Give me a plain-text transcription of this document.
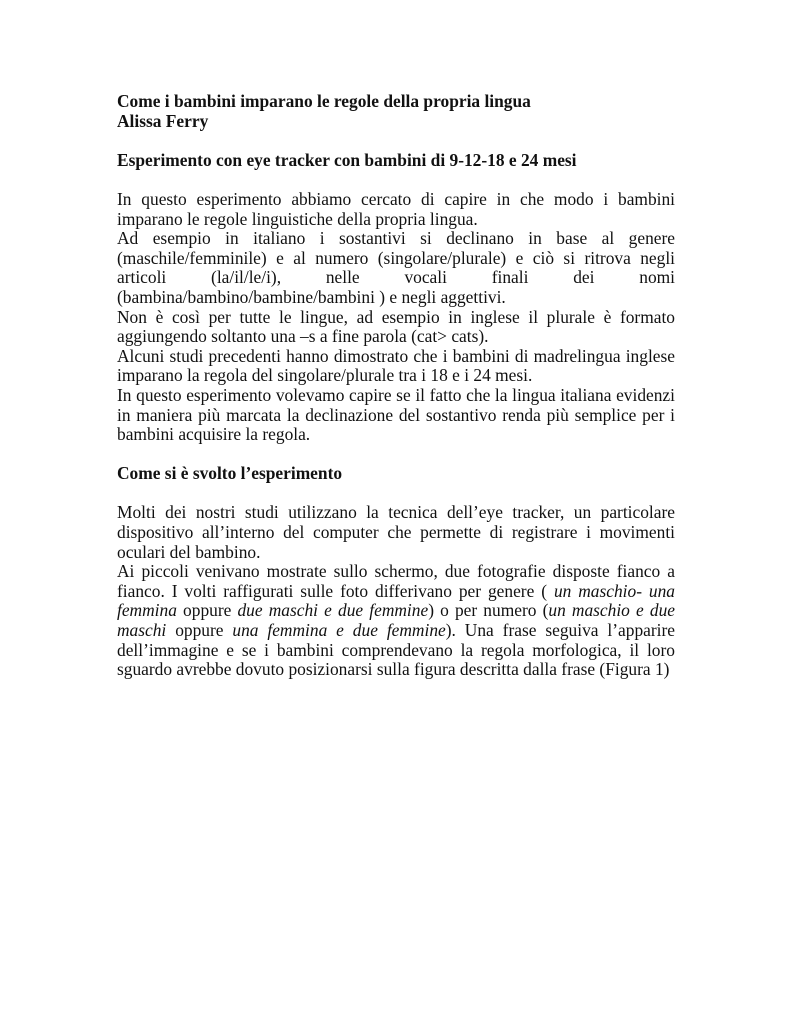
Come i bambini imparano le regole della propria lingua
Alissa Ferry
Esperimento con eye tracker con bambini di 9-12-18 e 24 mesi

In questo esperimento abbiamo cercato di capire in che modo i bambini imparano le regole linguistiche della propria lingua.

Ad esempio in italiano i sostantivi si declinano in base al genere (maschile/femminile) e al numero (singolare/plurale) e ciò si ritrova negli articoli (la/il/le/i), nelle vocali finali dei nomi (bambina/bambino/bambine/bambini ) e negli aggettivi.

Non è così per tutte le lingue, ad esempio in inglese il plurale è formato aggiungendo soltanto una –s a fine parola (cat> cats).

Alcuni studi precedenti hanno dimostrato che i bambini di madrelingua inglese imparano la regola del singolare/plurale tra i 18 e i 24 mesi.

In questo esperimento volevamo capire se il fatto che la lingua italiana evidenzi in maniera più marcata la declinazione del sostantivo renda più semplice per i bambini acquisire la regola.

Come si è svolto l’esperimento

Molti dei nostri studi utilizzano la tecnica dell’eye tracker, un particolare dispositivo all’interno del computer che permette di registrare i movimenti oculari del bambino.

Ai piccoli venivano mostrate sullo schermo, due fotografie disposte fianco a fianco. I volti raffigurati sulle foto differivano per genere ( un maschio- una femmina oppure due maschi e due femmine) o per numero (un maschio e due maschi oppure una femmina e due femmine). Una frase seguiva l’apparire dell’immagine e se i bambini comprendevano la regola morfologica, il loro sguardo avrebbe dovuto posizionarsi sulla figura descritta dalla frase (Figura 1)
